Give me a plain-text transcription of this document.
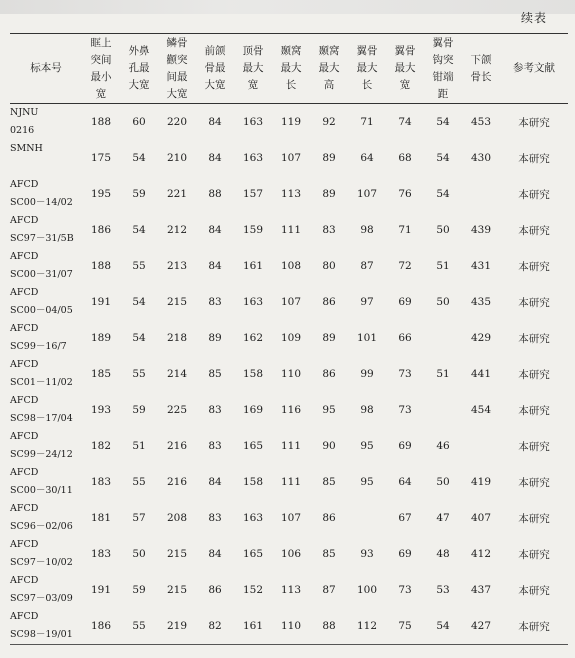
续表
标本号	眶上
突间
最小
宽	外鼻
孔最
大宽	鳞骨
颧突
间最
大宽	前颌
骨最
大宽	顶骨
最大
宽	颞窝
最大
长	颞窝
最大
高	翼骨
最大
长	翼骨
最大
宽	翼骨
钩突
钳端
距	下颌
骨长	参考文献

NJNU
0216	188	60	220	84	163	119	92	71	74	54	453	本研究

SMNH	175	54	210	84	163	107	89	64	68	54	430	本研究

AFCD
SC00－14/02	195	59	221	88	157	113	89	107	76	54		本研究

AFCD
SC97－31/5B	186	54	212	84	159	111	83	98	71	50	439	本研究

AFCD
SC00－31/07	188	55	213	84	161	108	80	87	72	51	431	本研究

AFCD
SC00－04/05	191	54	215	83	163	107	86	97	69	50	435	本研究

AFCD
SC99－16/7	189	54	218	89	162	109	89	101	66		429	本研究

AFCD
SC01－11/02	185	55	214	85	158	110	86	99	73	51	441	本研究

AFCD
SC98－17/04	193	59	225	83	169	116	95	98	73		454	本研究

AFCD
SC99－24/12	182	51	216	83	165	111	90	95	69	46		本研究

AFCD
SC00－30/11	183	55	216	84	158	111	85	95	64	50	419	本研究

AFCD
SC96－02/06	181	57	208	83	163	107	86		67	47	407	本研究

AFCD
SC97－10/02	183	50	215	84	165	106	85	93	69	48	412	本研究

AFCD
SC97－03/09	191	59	215	86	152	113	87	100	73	53	437	本研究

AFCD
SC98－19/01	186	55	219	82	161	110	88	112	75	54	427	本研究
